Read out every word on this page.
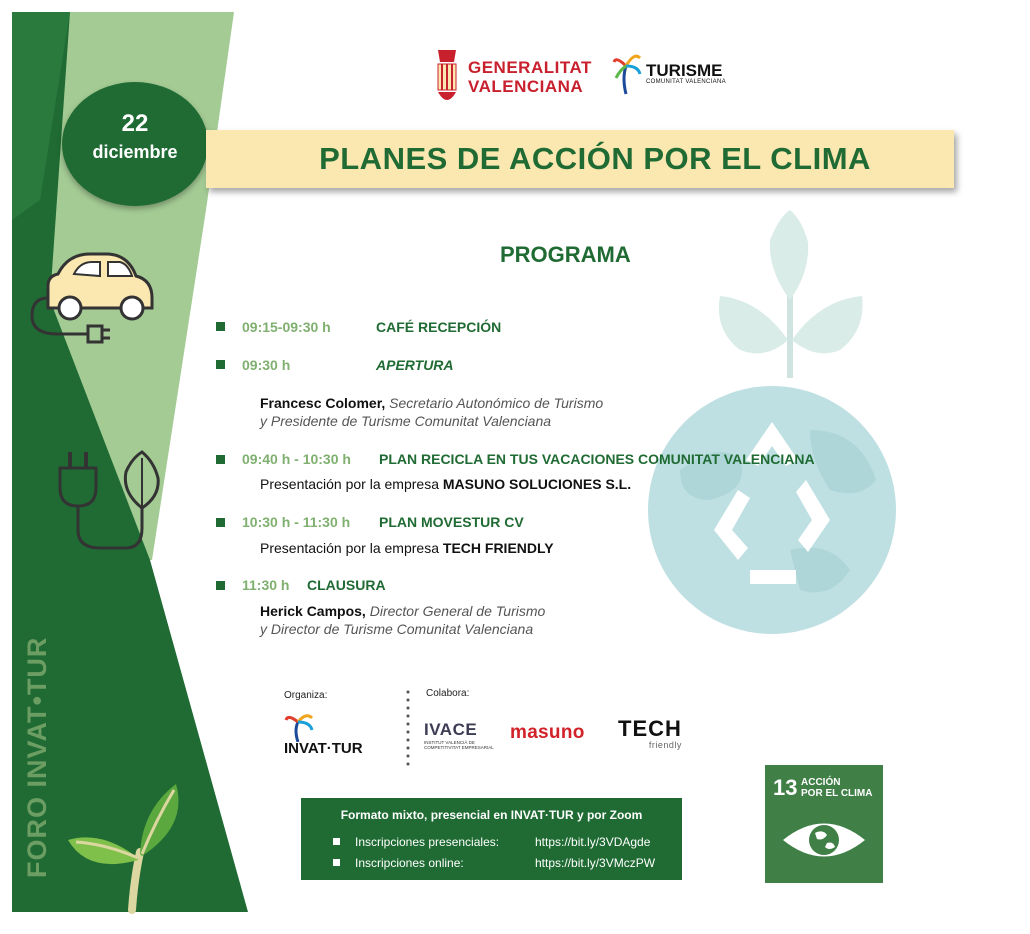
22
diciembre
FORO INVAT•TUR
GENERALITAT
VALENCIANA
TURISME
COMUNITAT VALENCIANA
PLANES DE ACCIÓN POR EL CLIMA
PROGRAMA
09:15-09:30 h	CAFÉ RECEPCIÓN
09:30 h	APERTURA
Francesc Colomer, Secretario Autonómico de Turismo
y Presidente de Turisme Comunitat Valenciana
09:40 h - 10:30 h PLAN RECICLA EN TUS VACACIONES COMUNITAT VALENCIANA
Presentación por la empresa MASUNO SOLUCIONES S.L.
10:30 h - 11:30 h PLAN MOVESTUR CV
Presentación por la empresa TECH FRIENDLY
11:30 h CLAUSURA
Herick Campos, Director General de Turismo
y Director de Turisme Comunitat Valenciana
Organiza:	Colabora:
INVAT·TUR
IVACE
INSTITUT VALENCIÀ DE COMPETITIVITAT EMPRESARIAL
masuno TECH
friendly
Formato mixto, presencial en INVAT·TUR y por Zoom
Inscripciones presenciales:	https://bit.ly/3VDAgde
Inscripciones online:	https://bit.ly/3VMczPW
13 ACCIÓN
POR EL CLIMA
